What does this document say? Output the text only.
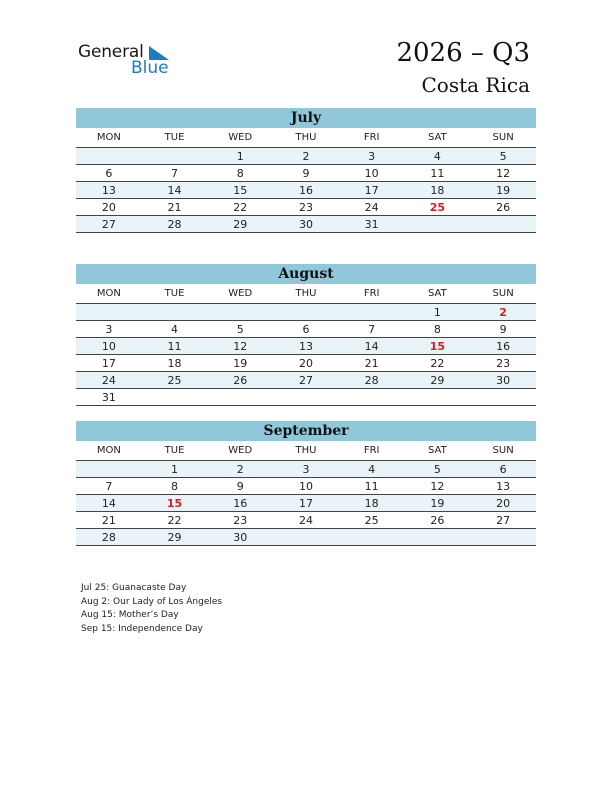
General
Blue	2026 – Q3
Costa Rica
July
MON	TUE	WED	THU	FRI	SAT	SUN
		1	2	3	4	5
6	7	8	9	10	11	12
13	14	15	16	17	18	19
20	21	22	23	24	25	26
27	28	29	30	31		
August
MON	TUE	WED	THU	FRI	SAT	SUN
					1	2
3	4	5	6	7	8	9
10	11	12	13	14	15	16
17	18	19	20	21	22	23
24	25	26	27	28	29	30
31						
September
MON	TUE	WED	THU	FRI	SAT	SUN
	1	2	3	4	5	6
7	8	9	10	11	12	13
14	15	16	17	18	19	20
21	22	23	24	25	26	27
28	29	30				
Jul 25: Guanacaste Day
Aug 2: Our Lady of Los Ángeles
Aug 15: Mother’s Day
Sep 15: Independence Day
